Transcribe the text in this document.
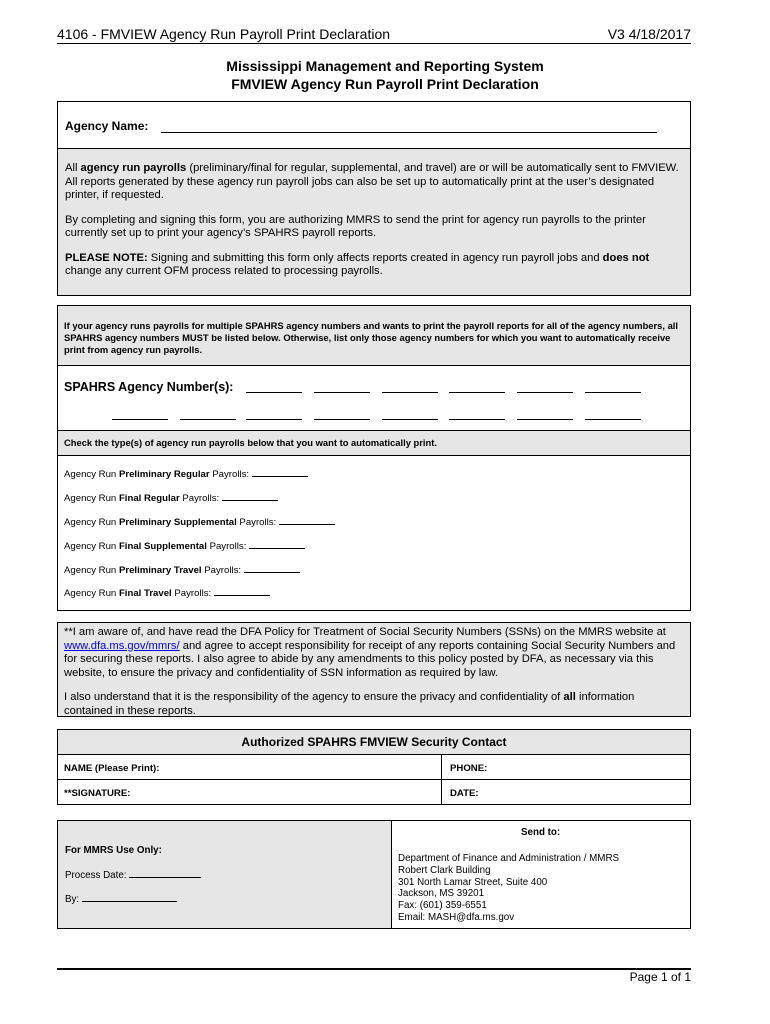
4106 - FMVIEW Agency Run Payroll Print Declaration	V3 4/18/2017
Mississippi Management and Reporting System
FMVIEW Agency Run Payroll Print Declaration
Agency Name:

All agency run payrolls (preliminary/final for regular, supplemental, and travel) are or will be automatically sent to FMVIEW. All reports generated by these agency run payroll jobs can also be set up to automatically print at the user’s designated printer, if requested.

By completing and signing this form, you are authorizing MMRS to send the print for agency run payrolls to the printer currently set up to print your agency’s SPAHRS payroll reports.

PLEASE NOTE: Signing and submitting this form only affects reports created in agency run payroll jobs and does not change any current OFM process related to processing payrolls.

If your agency runs payrolls for multiple SPAHRS agency numbers and wants to print the payroll reports for all of the agency numbers, all SPAHRS agency numbers MUST be listed below. Otherwise, list only those agency numbers for which you want to automatically receive print from agency run payrolls.
SPAHRS Agency Number(s):
Check the type(s) of agency run payrolls below that you want to automatically print.
Agency Run Preliminary Regular Payrolls:
Agency Run Final Regular Payrolls:
Agency Run Preliminary Supplemental Payrolls:
Agency Run Final Supplemental Payrolls:
Agency Run Preliminary Travel Payrolls:
Agency Run Final Travel Payrolls:

**I am aware of, and have read the DFA Policy for Treatment of Social Security Numbers (SSNs) on the MMRS website at www.dfa.ms.gov/mmrs/ and agree to accept responsibility for receipt of any reports containing Social Security Numbers and for securing these reports. I also agree to abide by any amendments to this policy posted by DFA, as necessary via this website, to ensure the privacy and confidentiality of SSN information as required by law.

I also understand that it is the responsibility of the agency to ensure the privacy and confidentiality of all information contained in these reports.

Authorized SPAHRS FMVIEW Security Contact
NAME (Please Print):	PHONE:
**SIGNATURE:	DATE:
For MMRS Use Only:
Process Date:
By:
Send to:
Department of Finance and Administration / MMRS
Robert Clark Building
301 North Lamar Street, Suite 400
Jackson, MS 39201
Fax: (601) 359-6551
Email: MASH@dfa.ms.gov
Page 1 of 1
